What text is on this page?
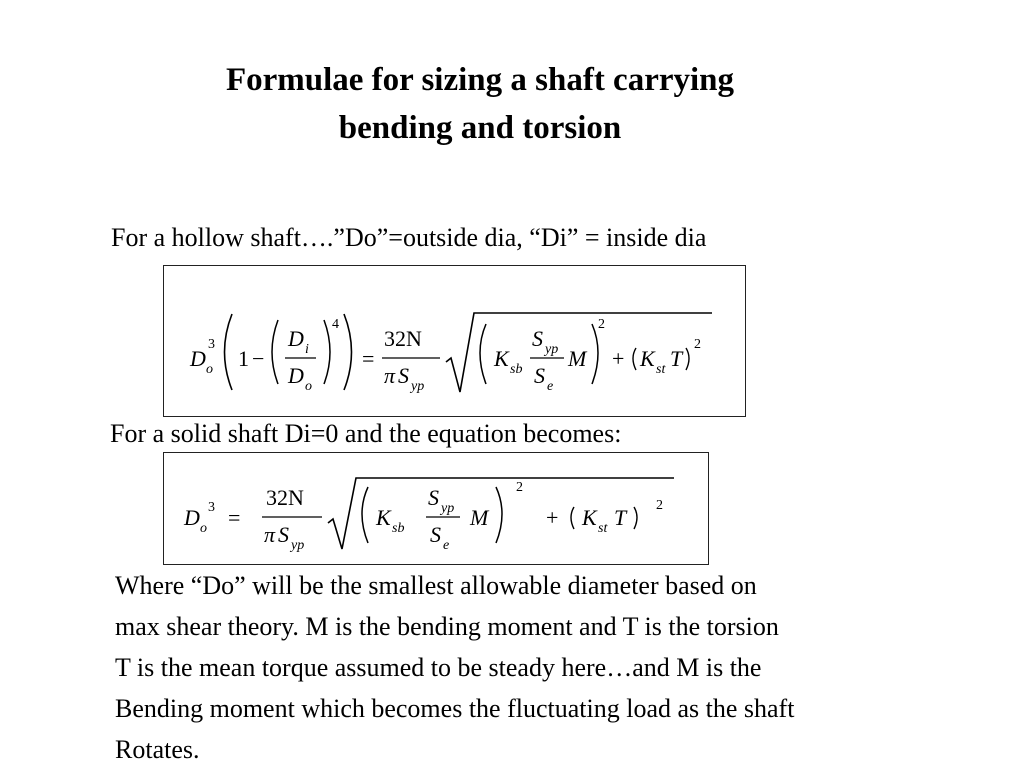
Formulae for sizing a shaft carrying
bending and torsion
For a hollow shaft….”Do”=outside dia, “Di” = inside dia
D o
3
1 −
D i
D o
4
=
32N
π S yp
K sb
S yp
S e
M
2
+ K st T
2
For a solid shaft Di=0 and the equation becomes:
D o
3 =
32N
π S yp
K sb
S yp
S e
M
2
+ K st T 2
Where “Do” will be the smallest allowable diameter based on
max shear theory. M is the bending moment and T is the torsion
T is the mean torque assumed to be steady here…and M is the
Bending moment which becomes the fluctuating load as the shaft
Rotates.
